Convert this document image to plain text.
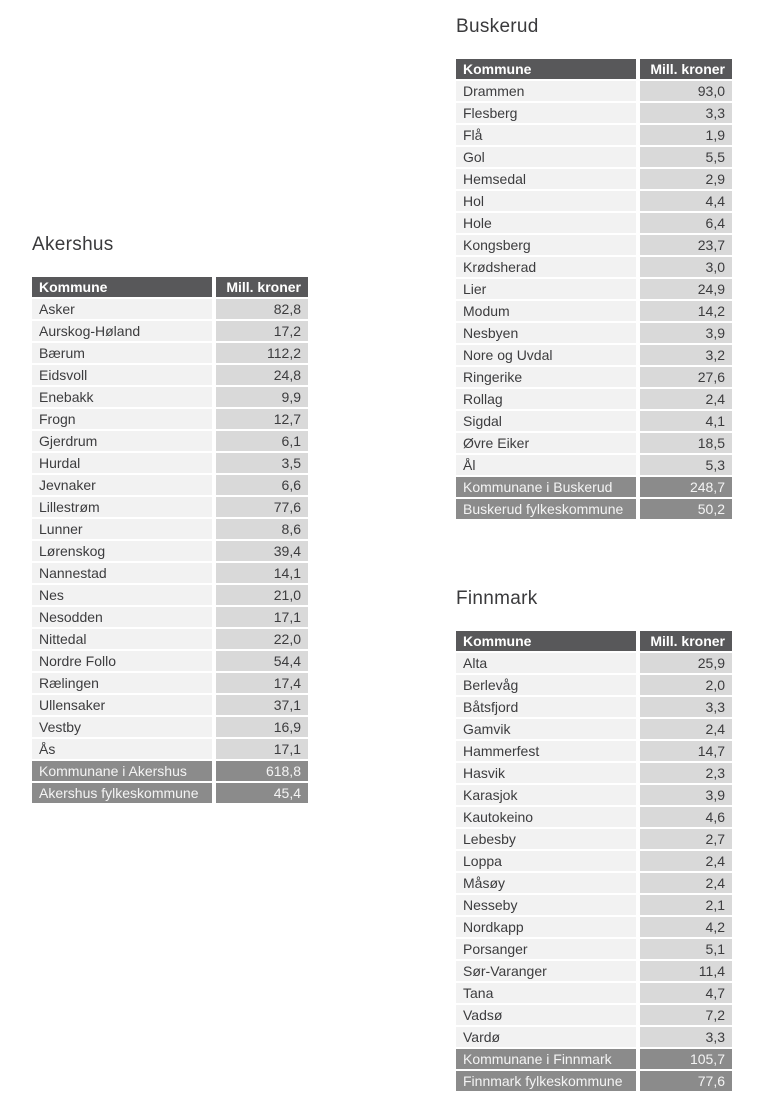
Akershus
Kommune	Mill. kroner
Asker	82,8
Aurskog-Høland	17,2
Bærum	112,2
Eidsvoll	24,8
Enebakk	9,9
Frogn	12,7
Gjerdrum	6,1
Hurdal	3,5
Jevnaker	6,6
Lillestrøm	77,6
Lunner	8,6
Lørenskog	39,4
Nannestad	14,1
Nes	21,0
Nesodden	17,1
Nittedal	22,0
Nordre Follo	54,4
Rælingen	17,4
Ullensaker	37,1
Vestby	16,9
Ås	17,1
Kommunane i Akershus	618,8
Akershus fylkeskommune	45,4
Buskerud
Kommune	Mill. kroner
Drammen	93,0
Flesberg	3,3
Flå	1,9
Gol	5,5
Hemsedal	2,9
Hol	4,4
Hole	6,4
Kongsberg	23,7
Krødsherad	3,0
Lier	24,9
Modum	14,2
Nesbyen	3,9
Nore og Uvdal	3,2
Ringerike	27,6
Rollag	2,4
Sigdal	4,1
Øvre Eiker	18,5
Ål	5,3
Kommunane i Buskerud	248,7
Buskerud fylkeskommune	50,2
Finnmark
Kommune	Mill. kroner
Alta	25,9
Berlevåg	2,0
Båtsfjord	3,3
Gamvik	2,4
Hammerfest	14,7
Hasvik	2,3
Karasjok	3,9
Kautokeino	4,6
Lebesby	2,7
Loppa	2,4
Måsøy	2,4
Nesseby	2,1
Nordkapp	4,2
Porsanger	5,1
Sør-Varanger	11,4
Tana	4,7
Vadsø	7,2
Vardø	3,3
Kommunane i Finnmark	105,7
Finnmark fylkeskommune	77,6
